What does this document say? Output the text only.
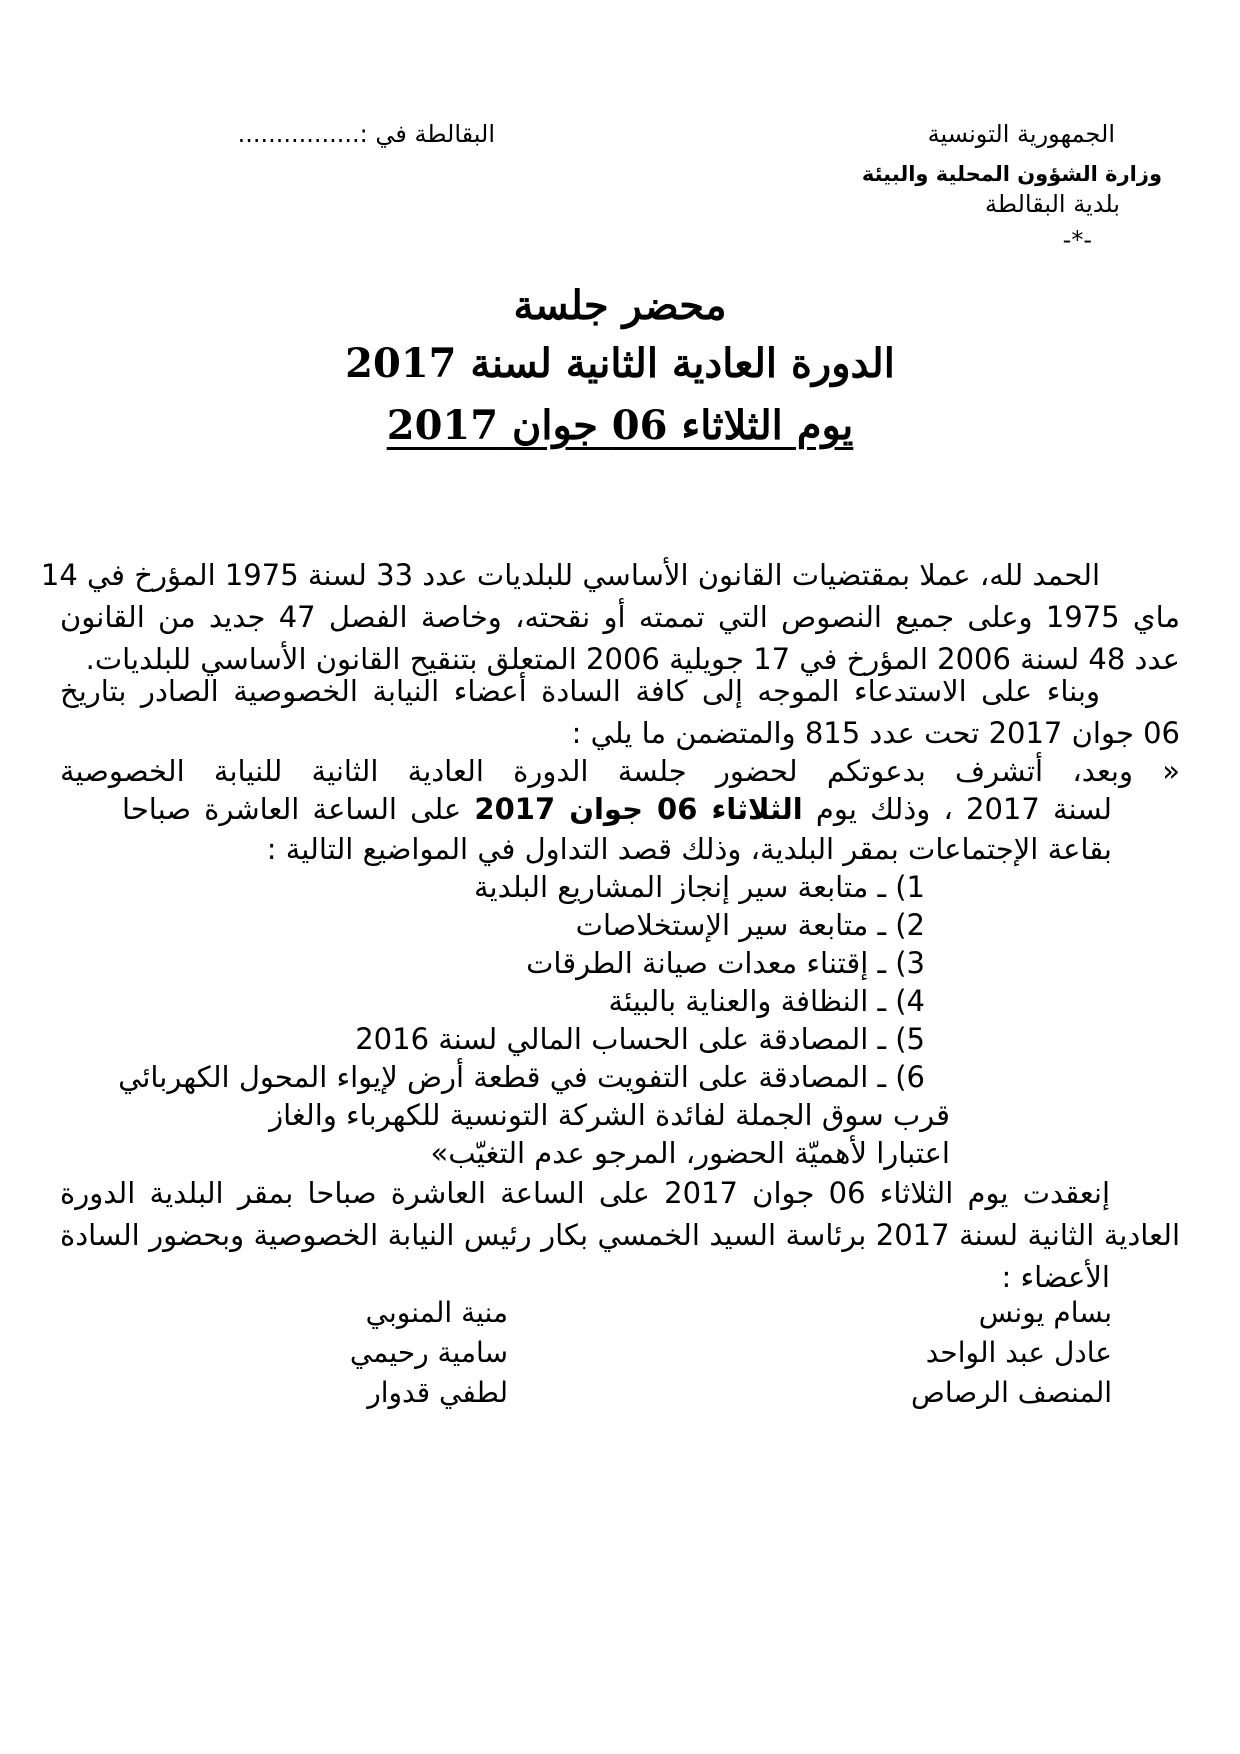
الجمهورية التونسية
وزارة الشؤون المحلية والبيئة
بلدية البقالطة
-*-
البقالطة في :................
محضر جلسة
الدورة العادية الثانية لسنة 2017
يوم الثلاثاء 06 جوان 2017
الحمد لله، عملا بمقتضيات القانون الأساسي للبلديات عدد 33 لسنة 1975 المؤرخ في 14
ماي 1975 وعلى جميع النصوص التي تممته أو نقحته، وخاصة الفصل 47 جديد من القانون
عدد 48 لسنة 2006 المؤرخ في 17 جويلية 2006 المتعلق بتنقيح القانون الأساسي للبلديات.
وبناء على الاستدعاء الموجه إلى كافة السادة أعضاء النيابة الخصوصية الصادر بتاريخ
06 جوان 2017 تحت عدد 815 والمتضمن ما يلي :
« وبعد، أتشرف بدعوتكم لحضور جلسة الدورة العادية الثانية للنيابة الخصوصية
لسنة 2017 ، وذلك يوم الثلاثاء 06 جوان 2017 على الساعة العاشرة صباحا
بقاعة الإجتماعات بمقر البلدية، وذلك قصد التداول في المواضيع التالية :
1) ـ متابعة سير إنجاز المشاريع البلدية
2) ـ متابعة سير الإستخلاصات
3) ـ إقتناء معدات صيانة الطرقات
4) ـ النظافة والعناية بالبيئة
5) ـ المصادقة على الحساب المالي لسنة 2016
6) ـ المصادقة على التفويت في قطعة أرض لإيواء المحول الكهربائي
قرب سوق الجملة لفائدة الشركة التونسية للكهرباء والغاز
اعتبارا لأهميّة الحضور، المرجو عدم التغيّب»
إنعقدت يوم الثلاثاء 06 جوان 2017 على الساعة العاشرة صباحا بمقر البلدية الدورة
العادية الثانية لسنة 2017 برئاسة السيد الخمسي بكار رئيس النيابة الخصوصية وبحضور السادة
الأعضاء :
بسام يونس
عادل عبد الواحد
المنصف الرصاص
منية المنوبي
سامية رحيمي
لطفي قدوار
